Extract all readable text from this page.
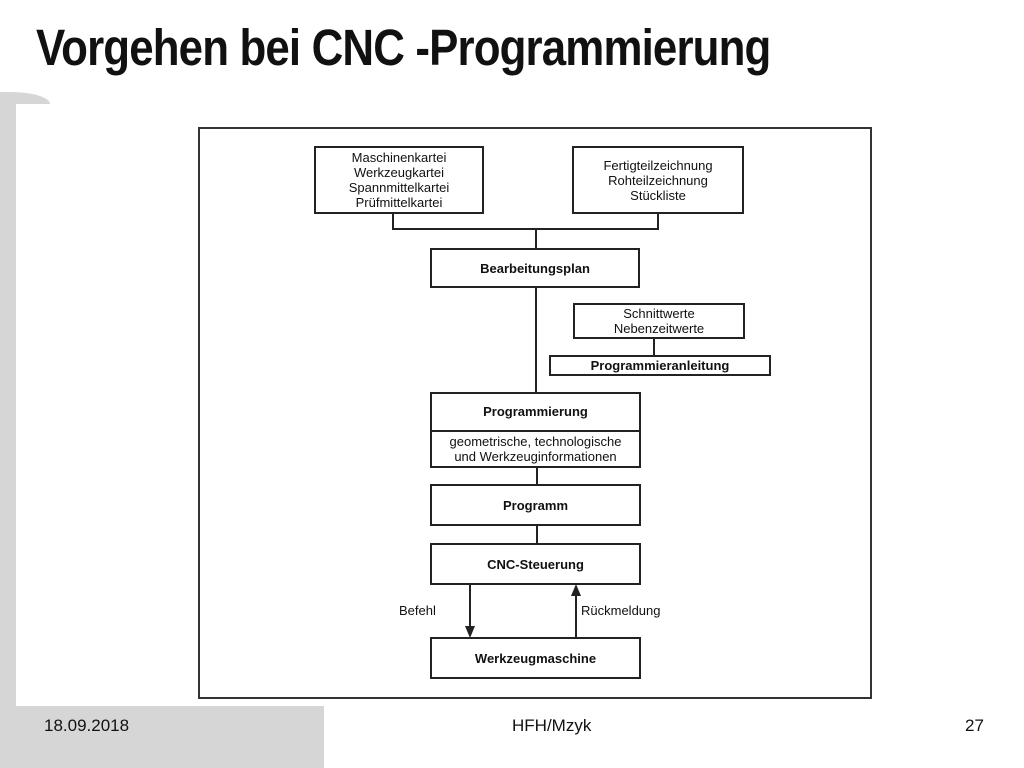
Vorgehen bei CNC -Programmierung
Maschinenkartei
Werkzeugkartei
Spannmittelkartei
Prüfmittelkartei
Fertigteilzeichnung
Rohteilzeichnung
Stückliste
Bearbeitungsplan
Schnittwerte
Nebenzeitwerte
Programmieranleitung
Programmierung
geometrische, technologische
und Werkzeuginformationen
Programm
CNC-Steuerung
Befehl	Rückmeldung
Werkzeugmaschine
18.09.2018	HFH/Mzyk	27
